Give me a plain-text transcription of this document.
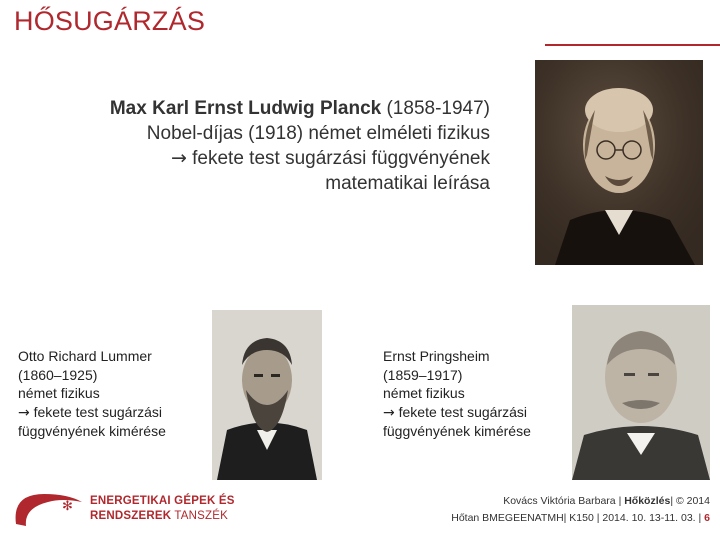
HŐSUGÁRZÁS
Max Karl Ernst Ludwig Planck (1858-1947)
Nobel-díjas (1918) német elméleti fizikus
→ fekete test sugárzási függvényének
matematikai leírása
Otto Richard Lummer
(1860–1925)
német fizikus
→ fekete test sugárzási
függvényének kimérése
Ernst Pringsheim
(1859–1917)
német fizikus
→ fekete test sugárzási
függvényének kimérése
η ✻ ENERGETIKAI GÉPEK ÉS
RENDSZEREK TANSZÉK
Kovács Viktória Barbara | Hőközlés| © 2014
Hőtan BMEGEENATMH| K150 | 2014. 10. 13-11. 03. | 6
